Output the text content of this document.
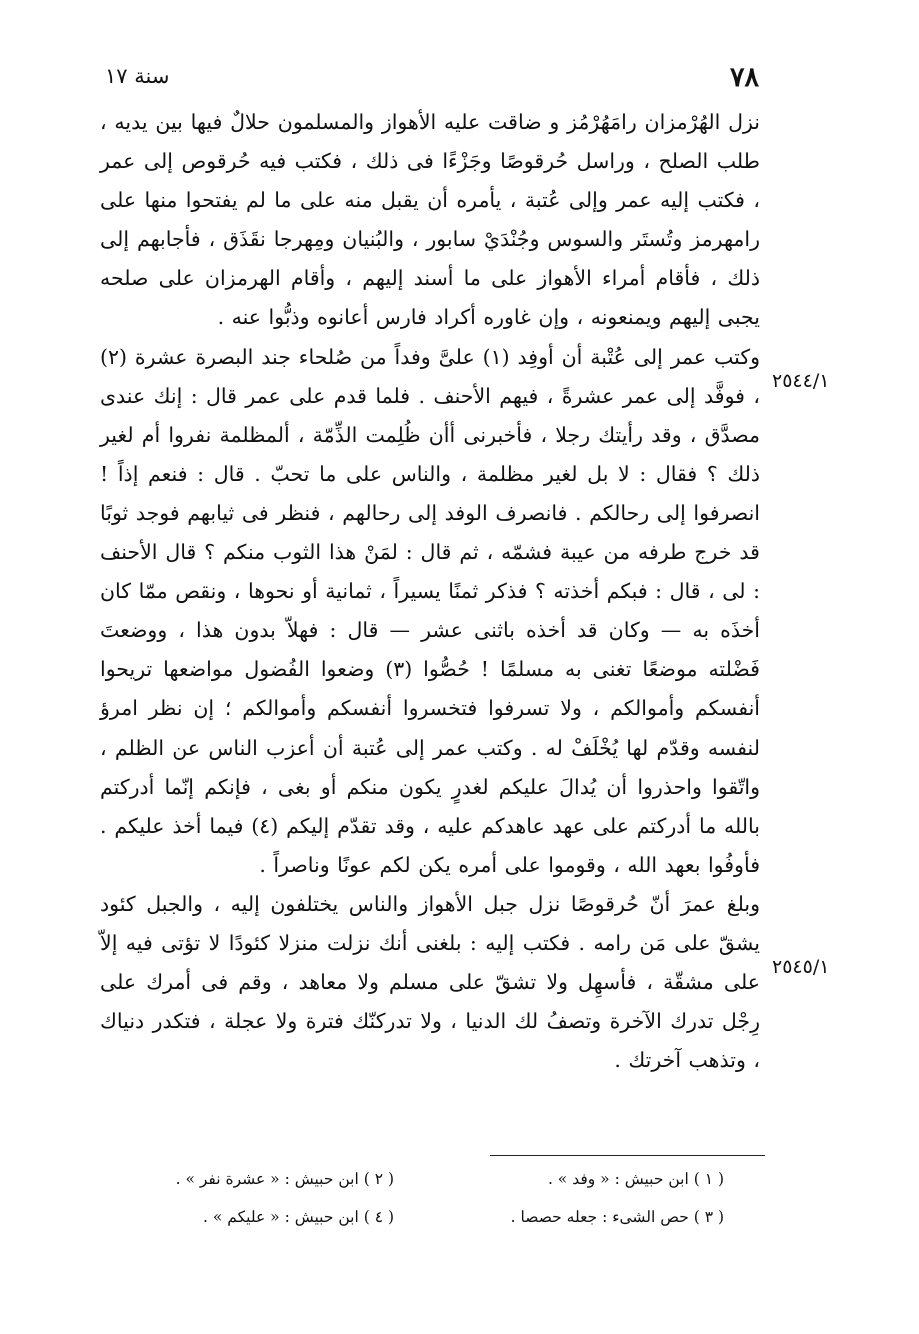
٧٨
سنة ١٧
٢٥٤٤/١
٢٥٤٥/١

نزل الهُرْمزان رامَهُرْمُز و ضاقت عليه الأهواز والمسلمون حلالٌ فيها بين يديه ، طلب الصلح ، وراسل حُرقوصًا وجَزْءًا فى ذلك ، فكتب فيه حُرقوص إلى عمر ، فكتب إليه عمر وإلى عُتبة ، يأمره أن يقبل منه على ما لم يفتحوا منها على رامهرمز وتُستَر والسوس وجُنْدَيْ سابور ، والبُنيان ومِهرجا نقَذَق ، فأجابهم إلى ذلك ، فأقام أمراء الأهواز على ما أسند إليهم ، وأقام الهرمزان على صلحه يجبى إليهم ويمنعونه ، وإن غاوره أكراد فارس أعانوه وذبُّوا عنه .

وكتب عمر إلى عُتْبة أن أوفِد (١) علىَّ وفداً من صُلحاء جند البصرة عشرة (٢) ، فوفَّد إلى عمر عشرةً ، فيهم الأحنف . فلما قدم على عمر قال : إنك عندى مصدَّق ، وقد رأيتك رجلا ، فأخبرنى أأن ظُلِمت الذِّمّة ، ألمظلمة نفروا أم لغير ذلك ؟ فقال : لا بل لغير مظلمة ، والناس على ما تحبّ . قال : فنعم إذاً ! انصرفوا إلى رحالكم . فانصرف الوفد إلى رحالهم ، فنظر فى ثيابهم فوجد ثوبًا قد خرج طرفه من عيبة فشمّه ، ثم قال : لمَنْ هذا الثوب منكم ؟ قال الأحنف : لى ، قال : فبكم أخذته ؟ فذكر ثمنًا يسيراً ، ثمانية أو نحوها ، ونقص ممّا كان أخذَه به — وكان قد أخذه باثنى عشر — قال : فهلاّ بدون هذا ، ووضعتَ فَضْلته موضعًا تغنى به مسلمًا ! حُصُّوا (٣) وضعوا الفُضول مواضعها تريحوا أنفسكم وأموالكم ، ولا تسرفوا فتخسروا أنفسكم وأموالكم ؛ إن نظر امرؤ لنفسه وقدّم لها يُخْلَفْ له . وكتب عمر إلى عُتبة أن أعزب الناس عن الظلم ، واتّقوا واحذروا أن يُدالَ عليكم لغدرٍ يكون منكم أو بغى ، فإنكم إنّما أدركتم بالله ما أدركتم على عهد عاهدكم عليه ، وقد تقدّم إليكم (٤) فيما أخذ عليكم . فأوفُوا بعهد الله ، وقوموا على أمره يكن لكم عونًا وناصراً .

وبلغ عمرَ أنّ حُرقوصًا نزل جبل الأهواز والناس يختلفون إليه ، والجبل كئود يشقّ على مَن رامه . فكتب إليه : بلغنى أنك نزلت منزلا كئودًا لا تؤتى فيه إلاّ على مشقّة ، فأسهِل ولا تشقّ على مسلم ولا معاهد ، وقم فى أمرك على رِجْل تدرك الآخرة وتصفُ لك الدنيا ، ولا تدركنّك فترة ولا عجلة ، فتكدر دنياك ، وتذهب آخرتك .

( ١ ) ابن حبيش : « وفد » .
( ٢ ) ابن حبيش : « عشرة نفر » .
( ٣ ) حص الشىء : جعله حصصا .
( ٤ ) ابن حبيش : « عليكم » .
